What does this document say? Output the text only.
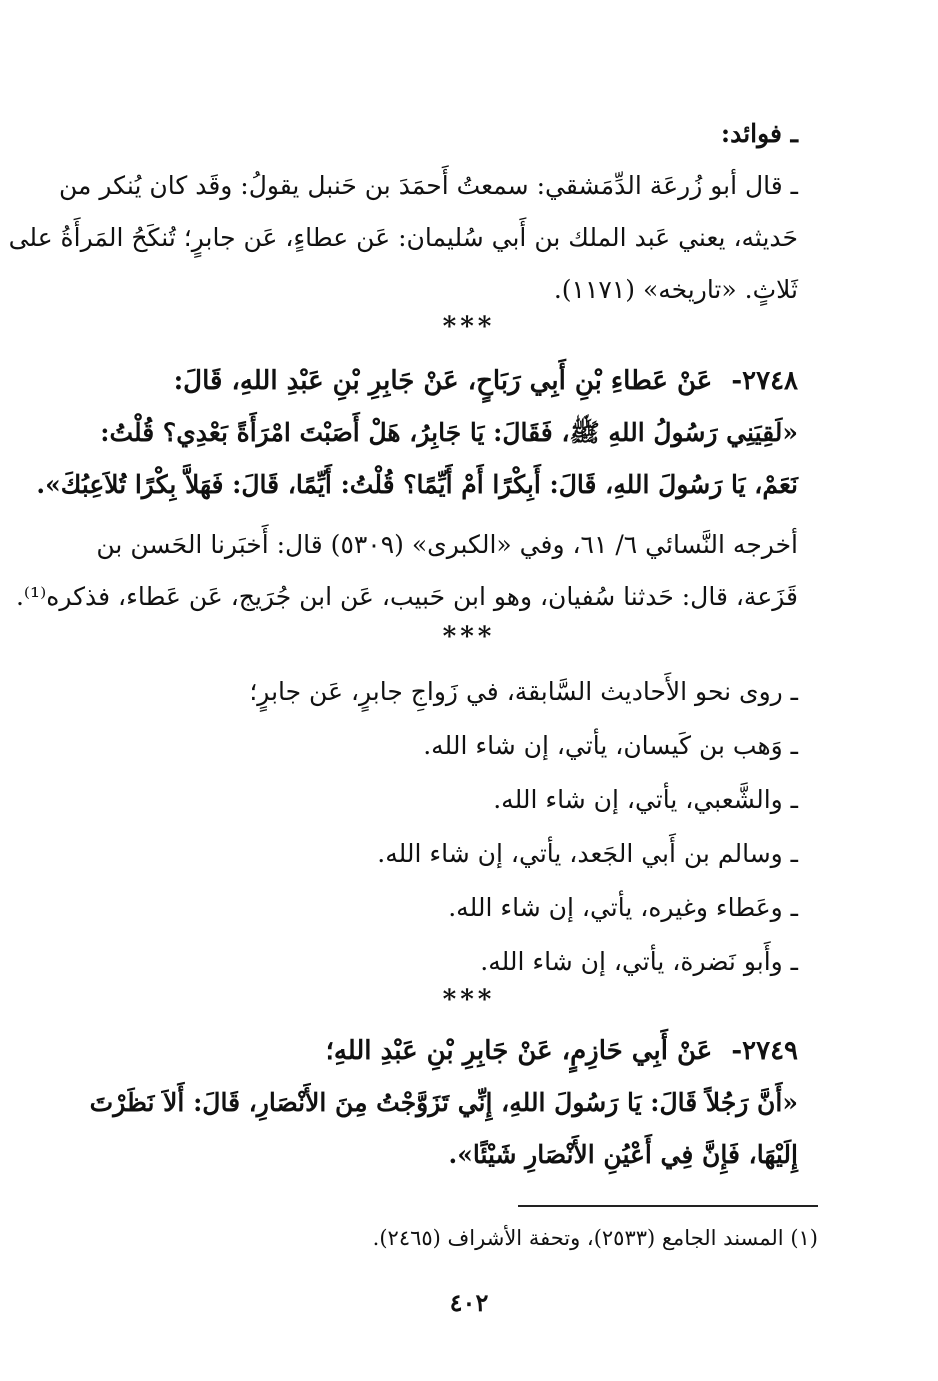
ـ فوائد:
ـ قال أبو زُرعَة الدِّمَشقي: سمعتُ أَحمَدَ بن حَنبل يقولُ: وقَد كان يُنكر من
حَديثه، يعني عَبد الملك بن أَبي سُليمان: عَن عطاءٍ، عَن جابرٍ؛ تُنكَحُ المَرأَةُ على
ثَلاثٍ. «تاريخه» (١١٧١).
***
٢٧٤٨- عَنْ عَطاءِ بْنِ أَبِي رَبَاحٍ، عَنْ جَابِرِ بْنِ عَبْدِ اللهِ، قَالَ:
«لَقِيَنِي رَسُولُ اللهِ ﷺ، فَقَالَ: يَا جَابِرُ، هَلْ أَصَبْتَ امْرَأَةً بَعْدِي؟ قُلْتُ:
نَعَمْ، يَا رَسُولَ اللهِ، قَالَ: أَبِكْرًا أَمْ أَيِّمًا؟ قُلْتُ: أَيِّمًا، قَالَ: فَهَلاَّ بِكْرًا تُلاَعِبُكَ».
أخرجه النَّسائي ٦/ ٦١، وفي «الكبرى» (٥٣٠٩) قال: أَخبَرنا الحَسن بن
قَزَعة، قال: حَدثنا سُفيان، وهو ابن حَبيب، عَن ابن جُرَيج، عَن عَطاء، فذكره⁽¹⁾.
***
ـ روى نحو الأَحاديث السَّابقة، في زَواجِ جابرٍ، عَن جابرٍ؛
ـ وَهب بن كَيسان، يأتي، إن شاء الله.
ـ والشَّعبي، يأتي، إن شاء الله.
ـ وسالم بن أَبي الجَعد، يأتي، إن شاء الله.
ـ وعَطاء وغيره، يأتي، إن شاء الله.
ـ وأَبو نَضرة، يأتي، إن شاء الله.
***
٢٧٤٩- عَنْ أَبِي حَازِمٍ، عَنْ جَابِرِ بْنِ عَبْدِ اللهِ؛
«أَنَّ رَجُلاً قَالَ: يَا رَسُولَ اللهِ، إِنِّي تَزَوَّجْتُ مِنَ الأَنْصَارِ، قَالَ: أَلاَ نَظَرْتَ
إِلَيْهَا، فَإِنَّ فِي أَعْيُنِ الأَنْصَارِ شَيْئًا».
(١) المسند الجامع (٢٥٣٣)، وتحفة الأشراف (٢٤٦٥).
٤٠٢
